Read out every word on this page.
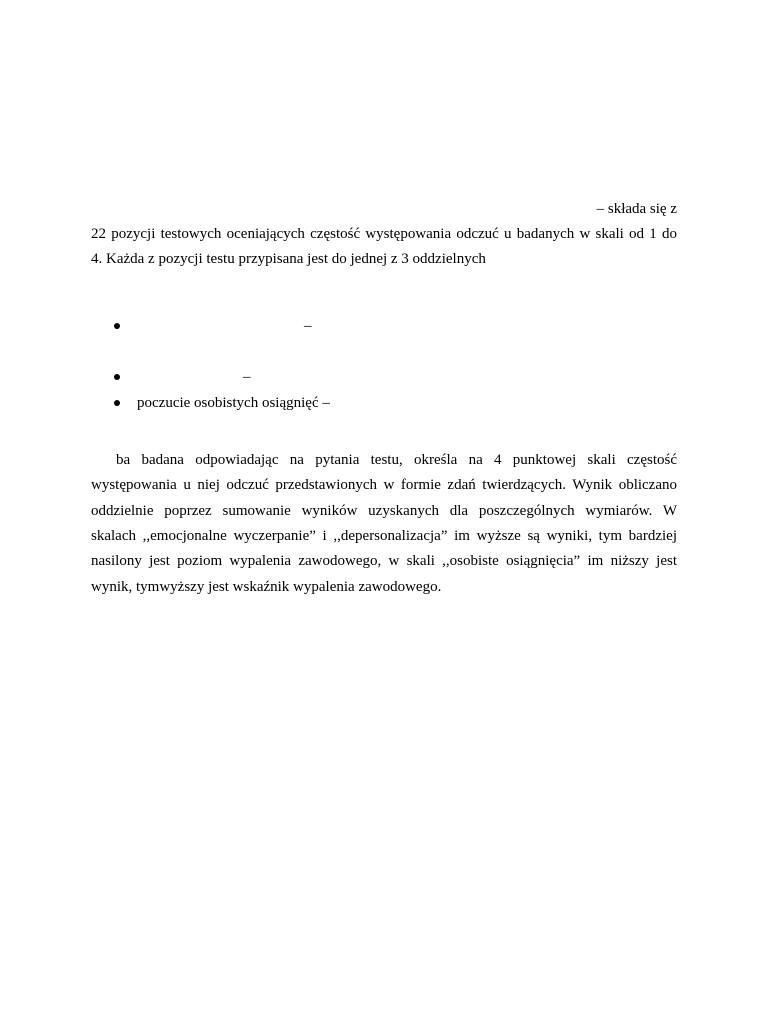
– składa się z
22 pozycji testowych oceniających częstość występowania odczuć u badanych w skali od 1 do
4. Każda z pozycji testu przypisana jest do jednej z 3 oddzielnych
–
–
poczucie osobistych osiągnięć –
ba badana odpowiadając na pytania testu, określa na 4 punktowej skali częstość
występowania u niej odczuć przedstawionych w formie zdań twierdzących. Wynik obliczano
oddzielnie poprzez sumowanie wyników uzyskanych dla poszczególnych wymiarów. W
skalach ,,emocjonalne wyczerpanie” i ,,depersonalizacja” im wyższe są wyniki, tym bardziej
nasilony jest poziom wypalenia zawodowego, w skali ,,osobiste osiągnięcia” im niższy jest
wynik, tymwyższy jest wskaźnik wypalenia zawodowego.
